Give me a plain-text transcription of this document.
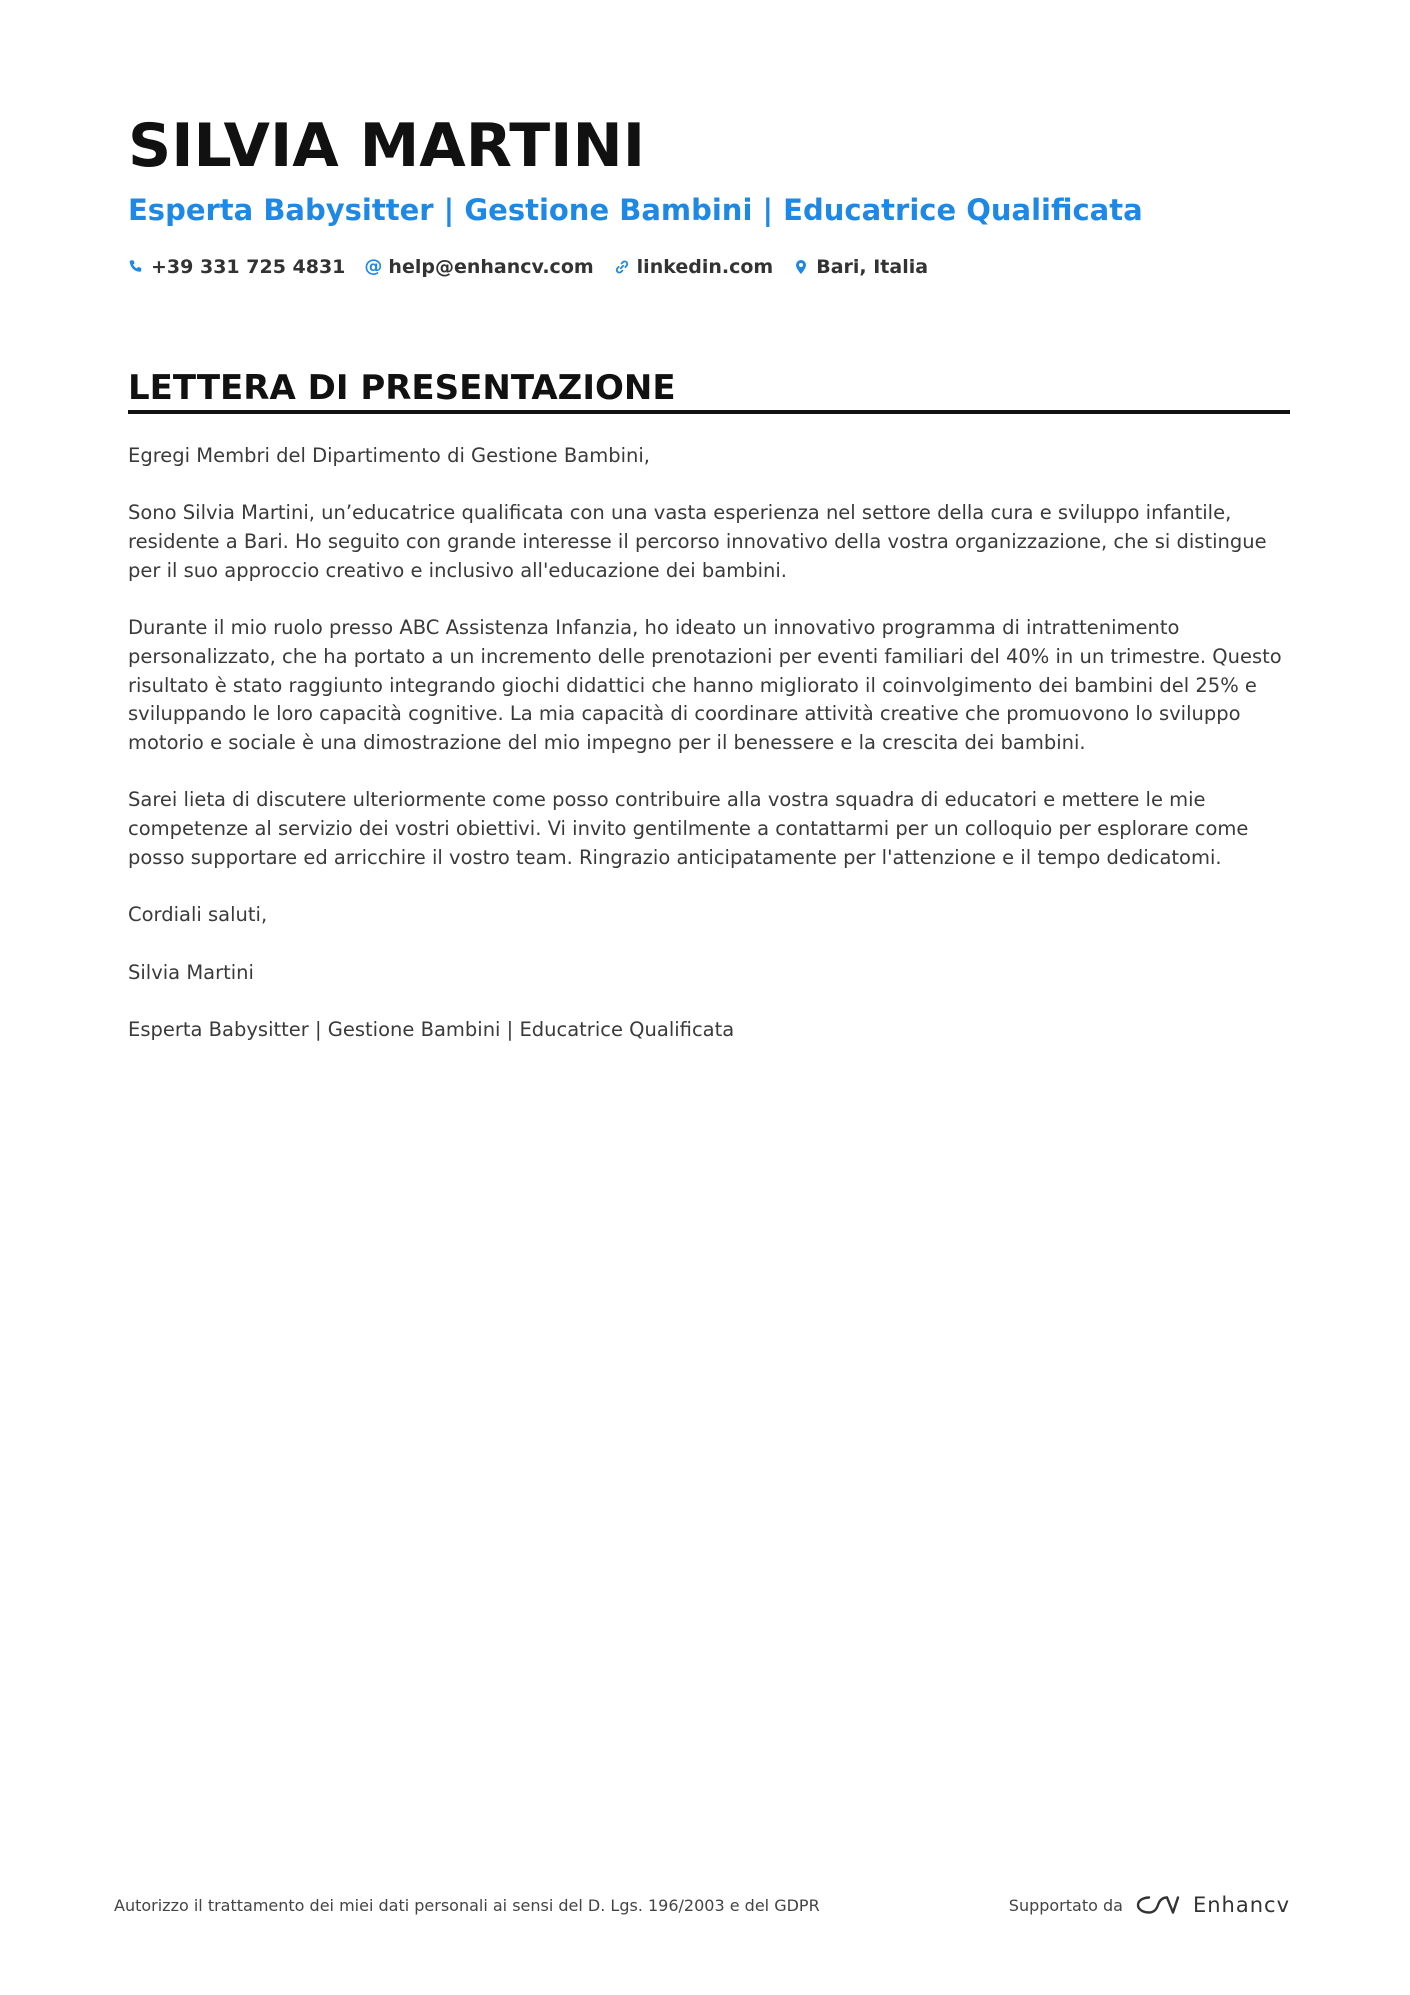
SILVIA MARTINI
Esperta Babysitter | Gestione Bambini | Educatrice Qualificata
+39 331 725 4831 @ help@enhancv.com linkedin.com Bari, Italia
LETTERA DI PRESENTAZIONE

Egregi Membri del Dipartimento di Gestione Bambini,

Sono Silvia Martini, un’educatrice qualificata con una vasta esperienza nel settore della cura e sviluppo infantile, residente a Bari. Ho seguito con grande interesse il percorso innovativo della vostra organizzazione, che si distingue per il suo approccio creativo e inclusivo all'educazione dei bambini.

Durante il mio ruolo presso ABC Assistenza Infanzia, ho ideato un innovativo programma di intrattenimento personalizzato, che ha portato a un incremento delle prenotazioni per eventi familiari del 40% in un trimestre. Questo risultato è stato raggiunto integrando giochi didattici che hanno migliorato il coinvolgimento dei bambini del 25% e sviluppando le loro capacità cognitive. La mia capacità di coordinare attività creative che promuovono lo sviluppo motorio e sociale è una dimostrazione del mio impegno per il benessere e la crescita dei bambini.

Sarei lieta di discutere ulteriormente come posso contribuire alla vostra squadra di educatori e mettere le mie competenze al servizio dei vostri obiettivi. Vi invito gentilmente a contattarmi per un colloquio per esplorare come posso supportare ed arricchire il vostro team. Ringrazio anticipatamente per l'attenzione e il tempo dedicatomi.

Cordiali saluti,

Silvia Martini

Esperta Babysitter | Gestione Bambini | Educatrice Qualificata

Autorizzo il trattamento dei miei dati personali ai sensi del D. Lgs. 196/2003 e del GDPR	Supportato da	Enhancv
